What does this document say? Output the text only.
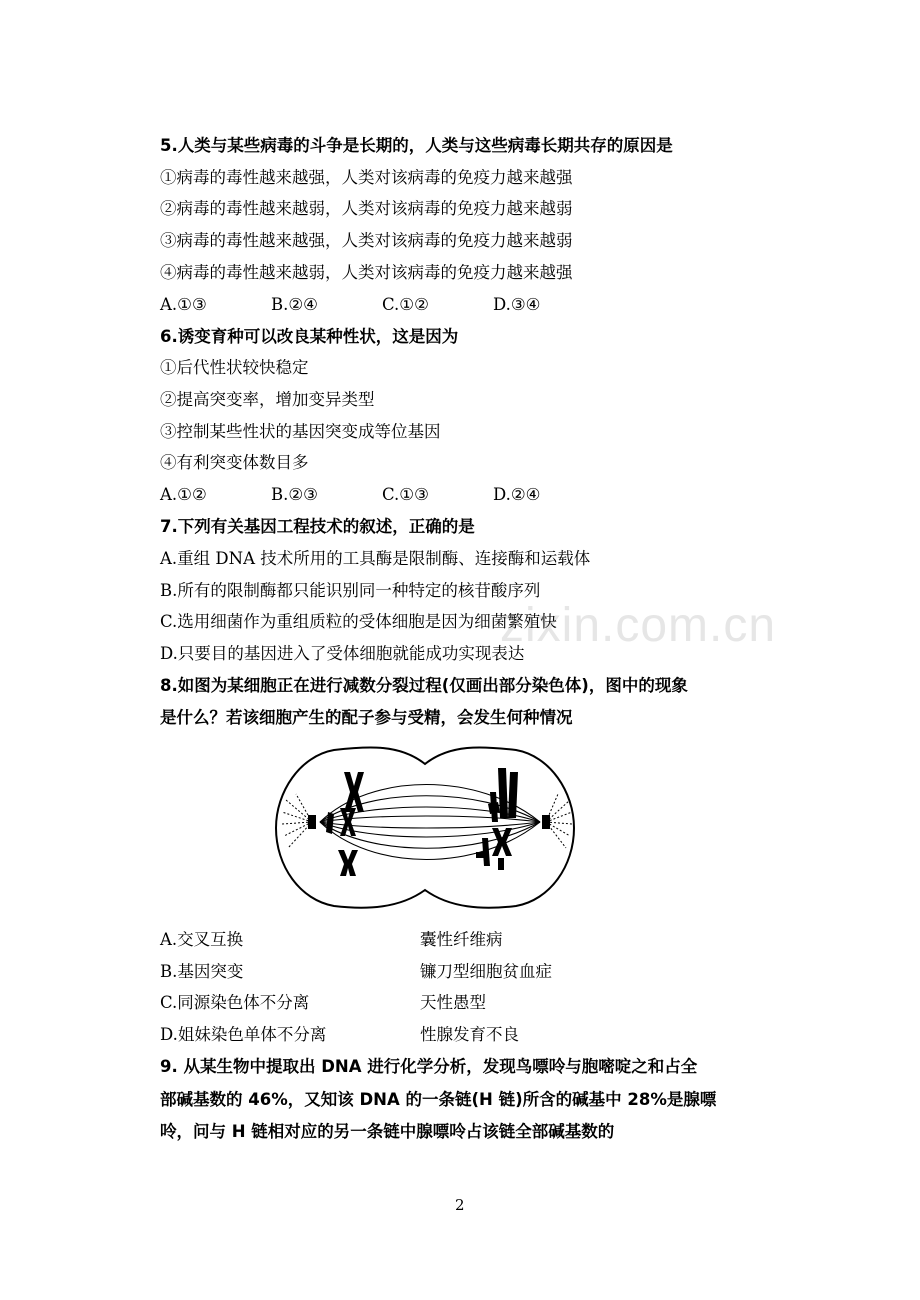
zixin.com.cn
5.人类与某些病毒的斗争是长期的，人类与这些病毒长期共存的原因是
①病毒的毒性越来越强，人类对该病毒的免疫力越来越强
②病毒的毒性越来越弱，人类对该病毒的免疫力越来越弱
③病毒的毒性越来越强，人类对该病毒的免疫力越来越弱
④病毒的毒性越来越弱，人类对该病毒的免疫力越来越强
A.①③	B.②④	C.①②	D.③④
6.诱变育种可以改良某种性状，这是因为
①后代性状较快稳定
②提高突变率，增加变异类型
③控制某些性状的基因突变成等位基因
④有利突变体数目多
A.①②	B.②③	C.①③	D.②④
7.下列有关基因工程技术的叙述，正确的是
A.重组 DNA 技术所用的工具酶是限制酶、连接酶和运载体
B.所有的限制酶都只能识别同一种特定的核苷酸序列
C.选用细菌作为重组质粒的受体细胞是因为细菌繁殖快
D.只要目的基因进入了受体细胞就能成功实现表达
8.如图为某细胞正在进行减数分裂过程(仅画出部分染色体)，图中的现象
是什么？若该细胞产生的配子参与受精，会发生何种情况
A.交叉互换	囊性纤维病
B.基因突变	镰刀型细胞贫血症
C.同源染色体不分离	天性愚型
D.姐妹染色单体不分离	性腺发育不良
9. 从某生物中提取出 DNA 进行化学分析，发现鸟嘌呤与胞嘧啶之和占全
部碱基数的 46%，又知该 DNA 的一条链(H 链)所含的碱基中 28%是腺嘌
呤，问与 H 链相对应的另一条链中腺嘌呤占该链全部碱基数的
2
